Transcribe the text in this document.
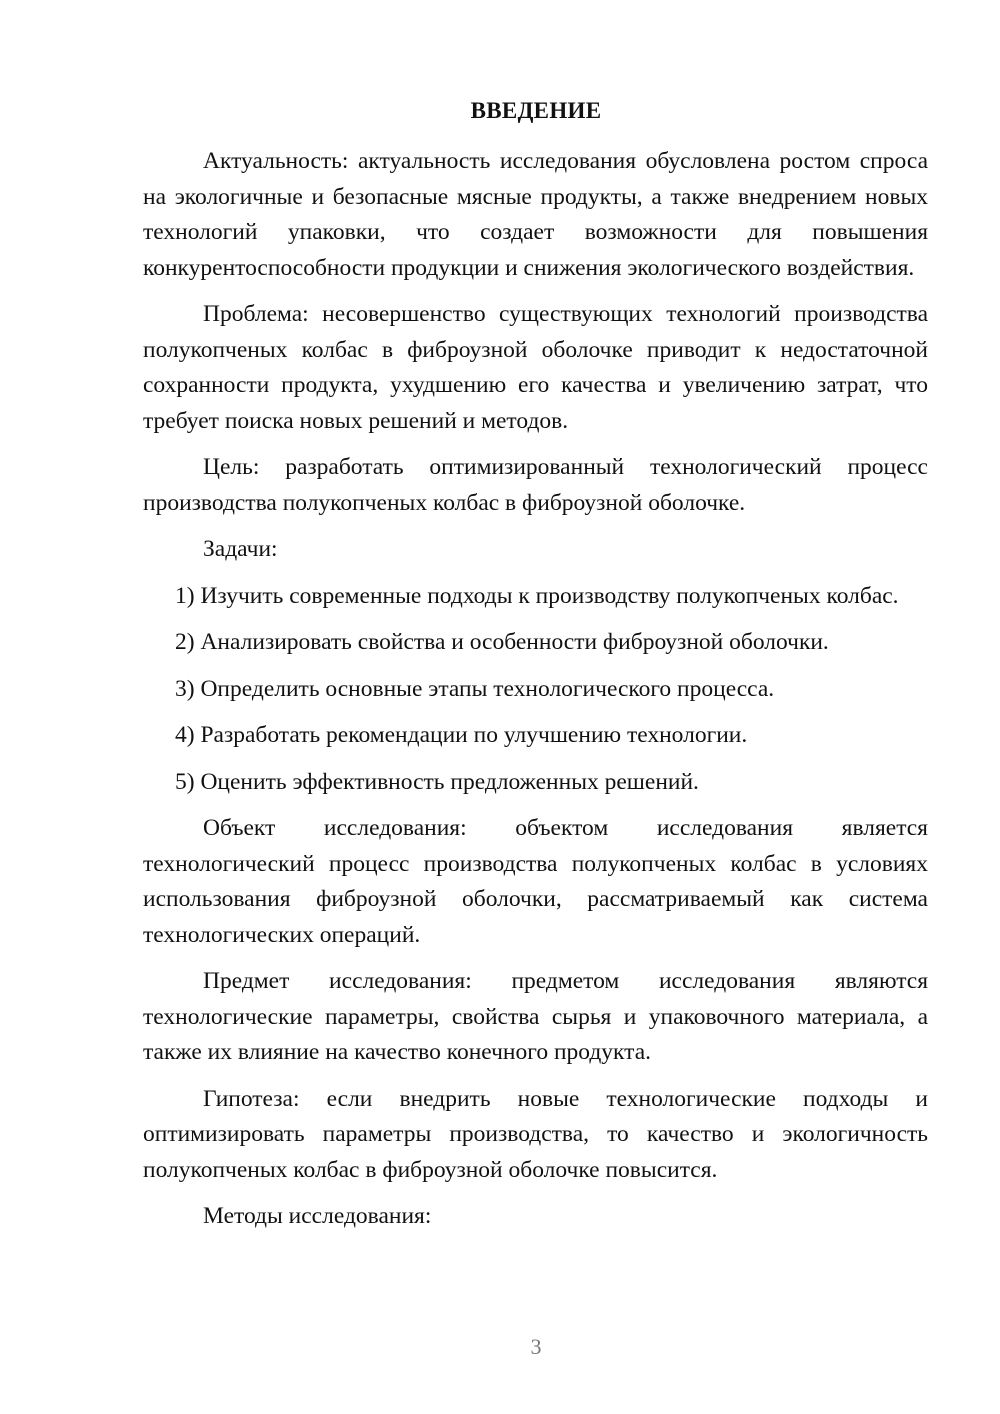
ВВЕДЕНИЕ

Актуальность: актуальность исследования обусловлена ростом спроса на экологичные и безопасные мясные продукты, а также внедрением новых технологий упаковки, что создает возможности для повышения конкурентоспособности продукции и снижения экологического воздействия.

Проблема: несовершенство существующих технологий производства полукопченых колбас в фиброузной оболочке приводит к недостаточной сохранности продукта, ухудшению его качества и увеличению затрат, что требует поиска новых решений и методов.

Цель: разработать оптимизированный технологический процесс производства полукопченых колбас в фиброузной оболочке.

Задачи:

1) Изучить современные подходы к производству полукопченых колбас.

2) Анализировать свойства и особенности фиброузной оболочки.

3) Определить основные этапы технологического процесса.

4) Разработать рекомендации по улучшению технологии.

5) Оценить эффективность предложенных решений.

Объект исследования: объектом исследования является технологический процесс производства полукопченых колбас в условиях использования фиброузной оболочки, рассматриваемый как система технологических операций.

Предмет исследования: предметом исследования являются технологические параметры, свойства сырья и упаковочного материала, а также их влияние на качество конечного продукта.

Гипотеза: если внедрить новые технологические подходы и оптимизировать параметры производства, то качество и экологичность полукопченых колбас в фиброузной оболочке повысится.

Методы исследования:

3
